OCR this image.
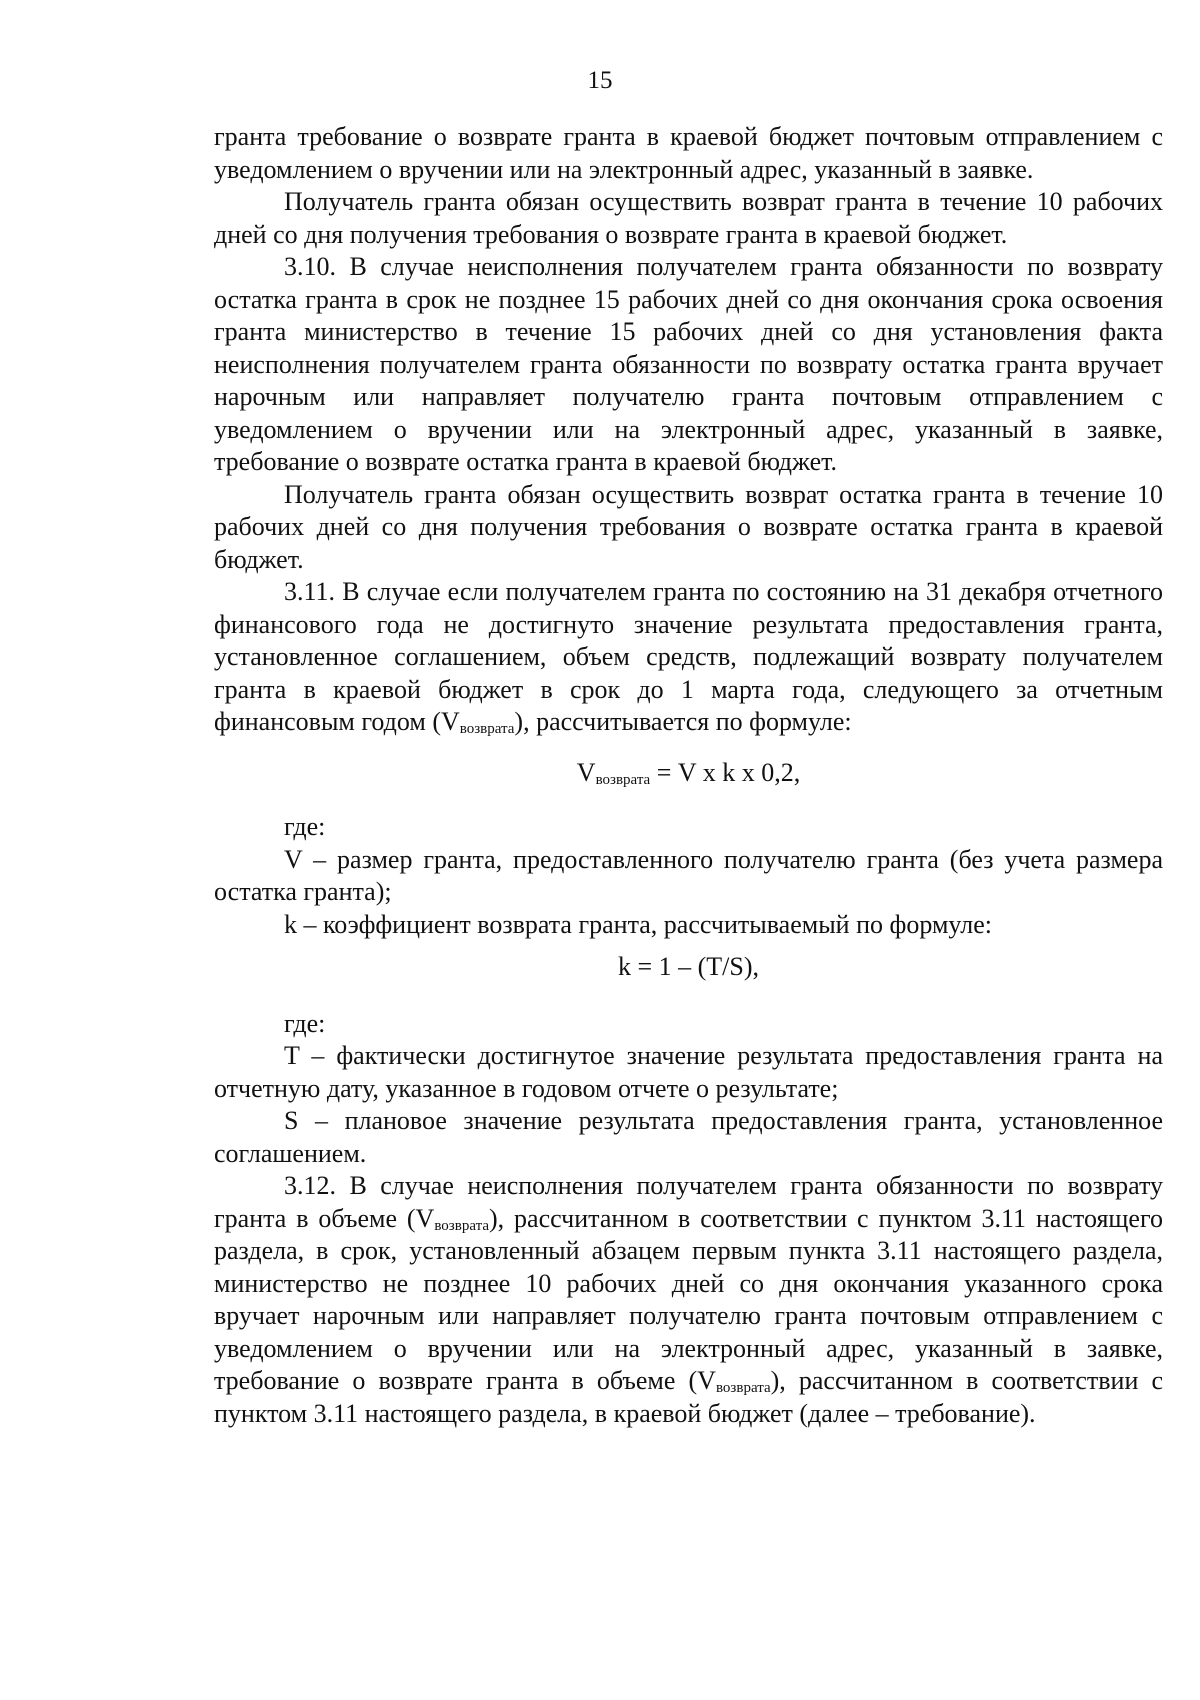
15

гранта требование о возврате гранта в краевой бюджет почтовым отправлением с уведомлением о вручении или на электронный адрес, указанный в заявке.

Получатель гранта обязан осуществить возврат гранта в течение 10 рабочих дней со дня получения требования о возврате гранта в краевой бюджет.

3.10. В случае неисполнения получателем гранта обязанности по возврату остатка гранта в срок не позднее 15 рабочих дней со дня окончания срока освоения гранта министерство в течение 15 рабочих дней со дня установления факта неисполнения получателем гранта обязанности по возврату остатка гранта вручает нарочным или направляет получателю гранта почтовым отправлением с уведомлением о вручении или на электронный адрес, указанный в заявке, требование о возврате остатка гранта в краевой бюджет.

Получатель гранта обязан осуществить возврат остатка гранта в течение 10 рабочих дней со дня получения требования о возврате остатка гранта в краевой бюджет.

3.11. В случае если получателем гранта по состоянию на 31 декабря отчетного финансового года не достигнуто значение результата предоставления гранта, установленное соглашением, объем средств, подлежащий возврату получателем гранта в краевой бюджет в срок до 1 марта года, следующего за отчетным финансовым годом $(V_{возврата})$, рассчитывается по формуле:

$V_{возврата} = V$ x k x 0,2,

где:

V – размер гранта, предоставленного получателю гранта (без учета размера остатка гранта);

k – коэффициент возврата гранта, рассчитываемый по формуле:

k = 1 – (T/S),

где:

T – фактически достигнутое значение результата предоставления гранта на отчетную дату, указанное в годовом отчете о результате;

S – плановое значение результата предоставления гранта, установленное соглашением.

3.12. В случае неисполнения получателем гранта обязанности по возврату гранта в объеме $(V_{возврата})$, рассчитанном в соответствии с пунктом 3.11 настоящего раздела, в срок, установленный абзацем первым пункта 3.11 настоящего раздела, министерство не позднее 10 рабочих дней со дня окончания указанного срока вручает нарочным или направляет получателю гранта почтовым отправлением с уведомлением о вручении или на электронный адрес, указанный в заявке, требование о возврате гранта в объеме $(V_{возврата})$, рассчитанном в соответствии с пунктом 3.11 настоящего раздела, в краевой бюджет (далее – требование).
